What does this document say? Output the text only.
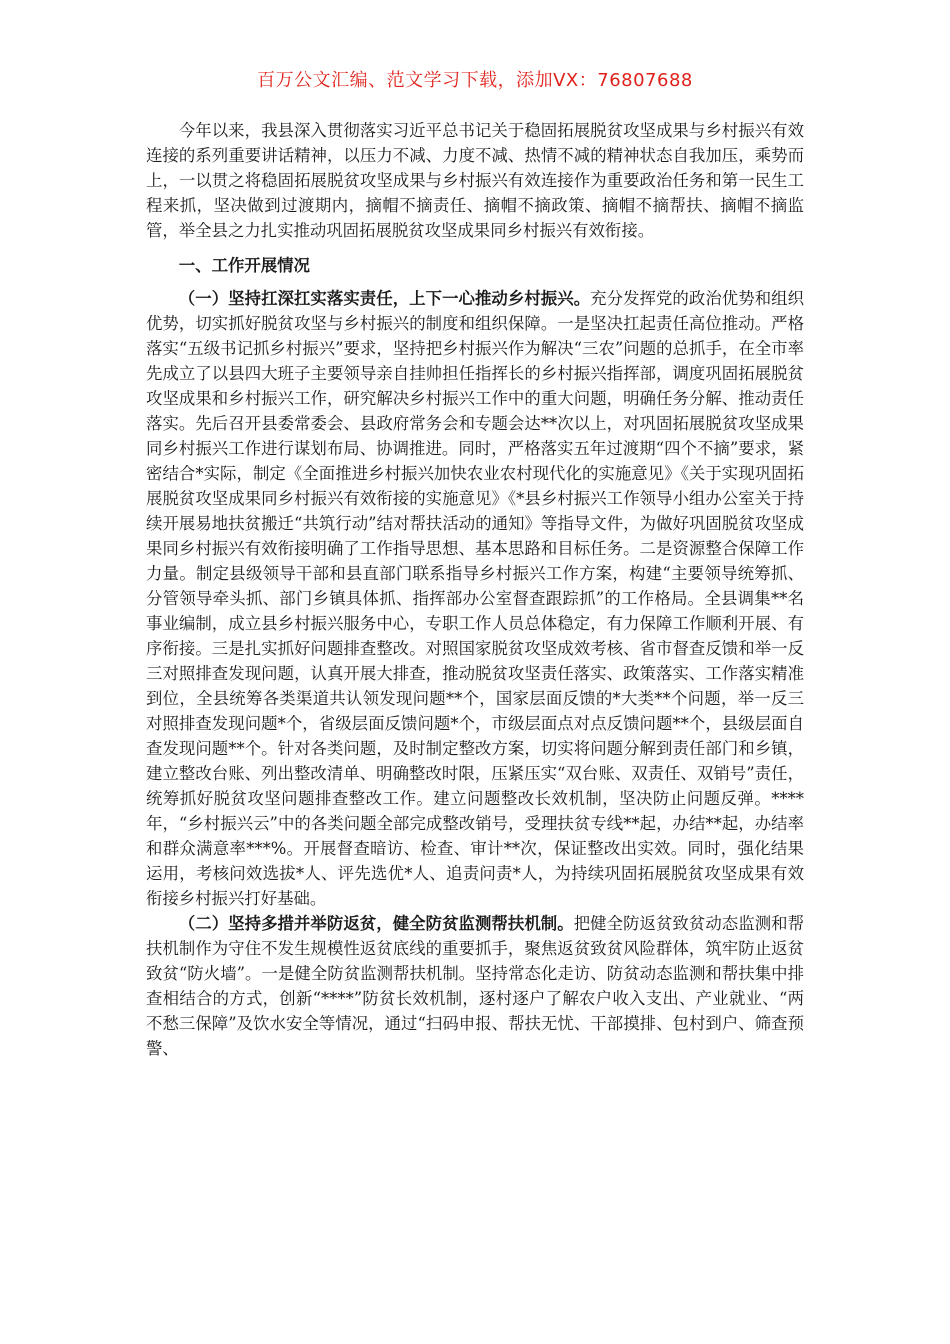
百万公文汇编、范文学习下载，添加VX：76807688

今年以来，我县深入贯彻落实习近平总书记关于稳固拓展脱贫攻坚成果与乡村振兴有效连接的系列重要讲话精神，以压力不减、力度不减、热情不减的精神状态自我加压，乘势而上，一以贯之将稳固拓展脱贫攻坚成果与乡村振兴有效连接作为重要政治任务和第一民生工程来抓，坚决做到过渡期内，摘帽不摘责任、摘帽不摘政策、摘帽不摘帮扶、摘帽不摘监管，举全县之力扎实推动巩固拓展脱贫攻坚成果同乡村振兴有效衔接。

一、工作开展情况

（一）坚持扛深扛实落实责任，上下一心推动乡村振兴。充分发挥党的政治优势和组织优势，切实抓好脱贫攻坚与乡村振兴的制度和组织保障。一是坚决扛起责任高位推动。严格落实“五级书记抓乡村振兴”要求，坚持把乡村振兴作为解决“三农”问题的总抓手，在全市率先成立了以县四大班子主要领导亲自挂帅担任指挥长的乡村振兴指挥部，调度巩固拓展脱贫攻坚成果和乡村振兴工作，研究解决乡村振兴工作中的重大问题，明确任务分解、推动责任落实。先后召开县委常委会、县政府常务会和专题会达**次以上，对巩固拓展脱贫攻坚成果同乡村振兴工作进行谋划布局、协调推进。同时，严格落实五年过渡期“四个不摘”要求，紧密结合*实际，制定《全面推进乡村振兴加快农业农村现代化的实施意见》《关于实现巩固拓展脱贫攻坚成果同乡村振兴有效衔接的实施意见》《*县乡村振兴工作领导小组办公室关于持续开展易地扶贫搬迁“共筑行动”结对帮扶活动的通知》等指导文件，为做好巩固脱贫攻坚成果同乡村振兴有效衔接明确了工作指导思想、基本思路和目标任务。二是资源整合保障工作力量。制定县级领导干部和县直部门联系指导乡村振兴工作方案，构建“主要领导统筹抓、分管领导牵头抓、部门乡镇具体抓、指挥部办公室督查跟踪抓”的工作格局。全县调集**名事业编制，成立县乡村振兴服务中心，专职工作人员总体稳定，有力保障工作顺利开展、有序衔接。三是扎实抓好问题排查整改。对照国家脱贫攻坚成效考核、省市督查反馈和举一反三对照排查发现问题，认真开展大排查，推动脱贫攻坚责任落实、政策落实、工作落实精准到位，全县统筹各类渠道共认领发现问题**个，国家层面反馈的*大类**个问题，举一反三对照排查发现问题*个，省级层面反馈问题*个，市级层面点对点反馈问题**个，县级层面自查发现问题**个。针对各类问题，及时制定整改方案，切实将问题分解到责任部门和乡镇，建立整改台账、列出整改清单、明确整改时限，压紧压实“双台账、双责任、双销号”责任，统筹抓好脱贫攻坚问题排查整改工作。建立问题整改长效机制，坚决防止问题反弹。****年，“乡村振兴云”中的各类问题全部完成整改销号，受理扶贫专线**起，办结**起，办结率和群众满意率***%。开展督查暗访、检查、审计**次，保证整改出实效。同时，强化结果运用，考核问效选拔*人、评先选优*人、追责问责*人，为持续巩固拓展脱贫攻坚成果有效衔接乡村振兴打好基础。

（二）坚持多措并举防返贫，健全防贫监测帮扶机制。把健全防返贫致贫动态监测和帮扶机制作为守住不发生规模性返贫底线的重要抓手，聚焦返贫致贫风险群体，筑牢防止返贫致贫“防火墙”。一是健全防贫监测帮扶机制。坚持常态化走访、防贫动态监测和帮扶集中排查相结合的方式，创新“****”防贫长效机制，逐村逐户了解农户收入支出、产业就业、“两不愁三保障”及饮水安全等情况，通过“扫码申报、帮扶无忧、干部摸排、包村到户、筛查预警、
